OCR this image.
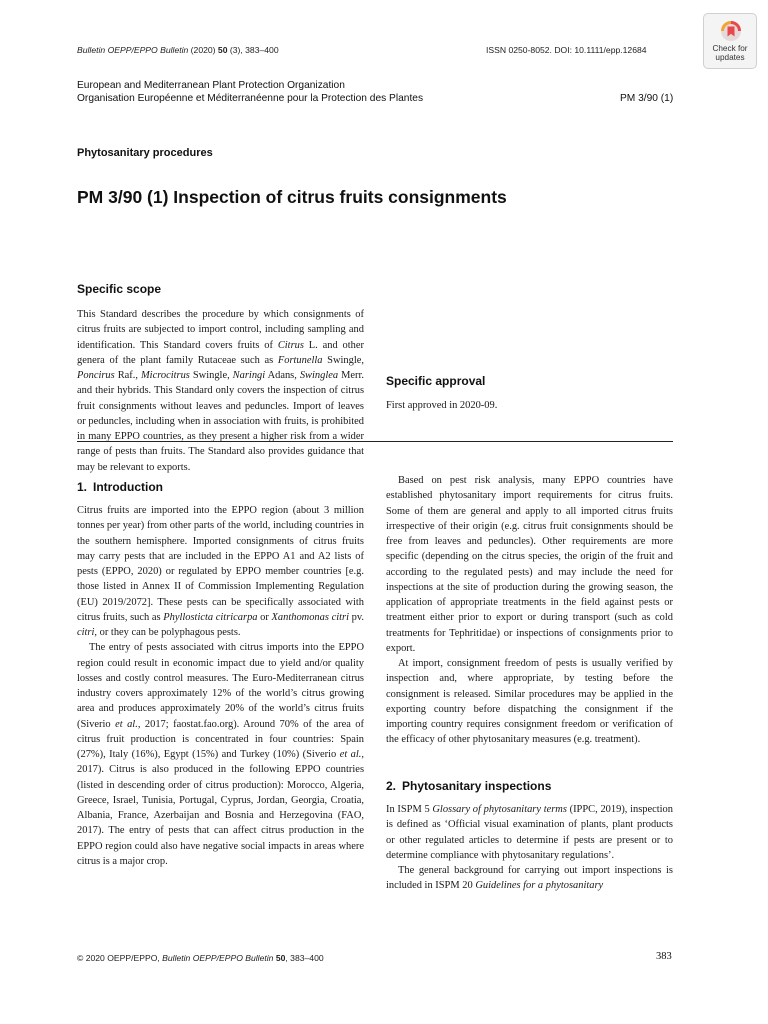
Bulletin OEPP/EPPO Bulletin (2020) 50 (3), 383–400	ISSN 0250-8052. DOI: 10.1111/epp.12684	Check for
updates
European and Mediterranean Plant Protection Organization
Organisation Européenne et Méditerranéenne pour la Protection des Plantes	PM 3/90 (1)
Phytosanitary procedures
PM 3/90 (1) Inspection of citrus fruits consignments
Specific scope

This Standard describes the procedure by which consignments of citrus fruits are subjected to import control, including sampling and identification. This Standard covers fruits of Citrus L. and other genera of the plant family Rutaceae such as Fortunella Swingle, Poncirus Raf., Microcitrus Swingle, Naringi Adans, Swinglea Merr. and their hybrids. This Standard only covers the inspection of citrus fruit consignments without leaves and peduncles. Import of leaves or peduncles, including when in association with fruits, is prohibited in many EPPO countries, as they present a higher risk from a wider range of pests than fruits. The Standard also provides guidance that may be relevant to exports.

Specific approval
First approved in 2020-09.
1. Introduction

Citrus fruits are imported into the EPPO region (about 3 million tonnes per year) from other parts of the world, including countries in the southern hemisphere. Imported consignments of citrus fruits may carry pests that are included in the EPPO A1 and A2 lists of pests (EPPO, 2020) or regulated by EPPO member countries [e.g. those listed in Annex II of Commission Implementing Regulation (EU) 2019/2072]. These pests can be specifically associated with citrus fruits, such as Phyllosticta citricarpa or Xanthomonas citri pv. citri, or they can be polyphagous pests.

The entry of pests associated with citrus imports into the EPPO region could result in economic impact due to yield and/or quality losses and costly control measures. The Euro-Mediterranean citrus industry covers approximately 12% of the world’s citrus growing area and produces approximately 20% of the world’s citrus fruits (Siverio et al., 2017; faostat.fao.org). Around 70% of the area of citrus fruit production is concentrated in four countries: Spain (27%), Italy (16%), Egypt (15%) and Turkey (10%) (Siverio et al., 2017). Citrus is also produced in the following EPPO countries (listed in descending order of citrus production): Morocco, Algeria, Greece, Israel, Tunisia, Portugal, Cyprus, Jordan, Georgia, Croatia, Albania, France, Azerbaijan and Bosnia and Herzegovina (FAO, 2017). The entry of pests that can affect citrus production in the EPPO region could also have negative social impacts in areas where citrus is a major crop.

Based on pest risk analysis, many EPPO countries have established phytosanitary import requirements for citrus fruits. Some of them are general and apply to all imported citrus fruits irrespective of their origin (e.g. citrus fruit consignments should be free from leaves and peduncles). Other requirements are more specific (depending on the citrus species, the origin of the fruit and according to the regulated pests) and may include the need for inspections at the site of production during the growing season, the application of appropriate treatments in the field against pests or treatment either prior to export or during transport (such as cold treatments for Tephritidae) or inspections of consignments prior to export.

At import, consignment freedom of pests is usually verified by inspection and, where appropriate, by testing before the consignment is released. Similar procedures may be applied in the exporting country before dispatching the consignment if the importing country requires consignment freedom or verification of the efficacy of other phytosanitary measures (e.g. treatment).

2. Phytosanitary inspections

In ISPM 5 Glossary of phytosanitary terms (IPPC, 2019), inspection is defined as ‘Official visual examination of plants, plant products or other regulated articles to determine if pests are present or to determine compliance with phytosanitary regulations’.

The general background for carrying out import inspections is included in ISPM 20 Guidelines for a phytosanitary

© 2020 OEPP/EPPO, Bulletin OEPP/EPPO Bulletin 50, 383–400	383
